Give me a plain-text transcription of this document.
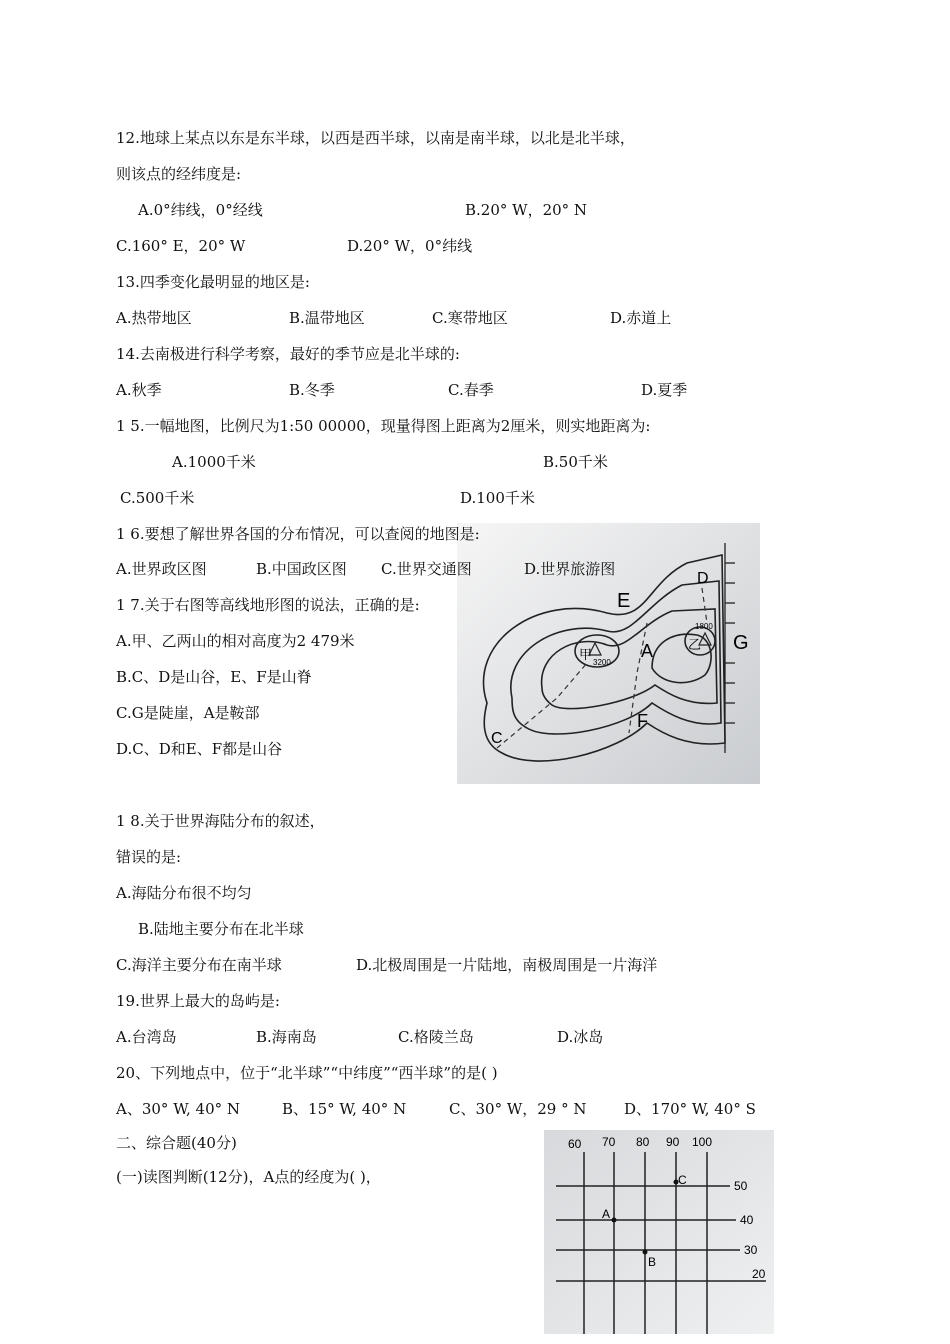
12.地球上某点以东是东半球，以西是西半球，以南是南半球，以北是北半球，
则该点的经纬度是:
A.0°纬线，0°经线	B.20° W，20° N
C.160° E，20° W	D.20° W，0°纬线
13.四季变化最明显的地区是:
A.热带地区	B.温带地区	C.寒带地区	D.赤道上
14.去南极进行科学考察，最好的季节应是北半球的:
A.秋季	B.冬季	C.春季	D.夏季
1 5.一幅地图，比例尺为1:50 00000，现量得图上距离为2厘米，则实地距离为:
A.1000千米	B.50千米
C.500千米	D.100千米
E
D
G
A
F
C
甲
3200
乙
1800
1 6.要想了解世界各国的分布情况，可以查阅的地图是:
A.世界政区图	B.中国政区图 C.世界交通图	D.世界旅游图
1 7.关于右图等高线地形图的说法，正确的是:
A.甲、乙两山的相对高度为2 479米
B.C、D是山谷，E、F是山脊
C.G是陡崖，A是鞍部
D.C、D和E、F都是山谷
1 8.关于世界海陆分布的叙述，
错误的是:
A.海陆分布很不均匀
B.陆地主要分布在北半球
C.海洋主要分布在南半球	D.北极周围是一片陆地，南极周围是一片海洋
19.世界上最大的岛屿是:
A.台湾岛	B.海南岛	C.格陵兰岛	D.冰岛
20、下列地点中，位于“北半球”“中纬度”“西半球”的是( )
A、30° W, 40° N	B、15° W, 40° N	C、30° W，29 ° N	D、170° W, 40° S
二、综合题(40分)
(一)读图判断(12分)，A点的经度为( )，
60 70 80 90 100
50
40
30
20
A
B
C
